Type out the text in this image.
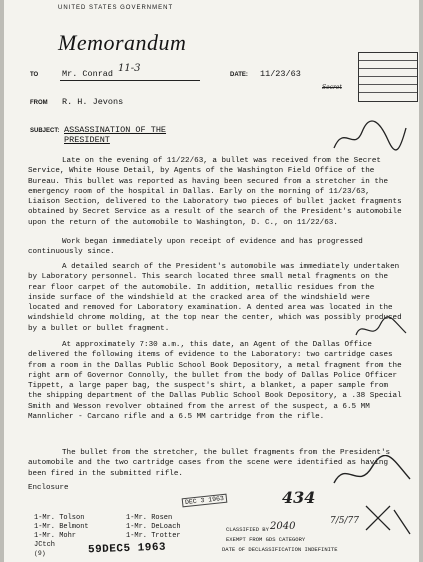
UNITED STATES GOVERNMENT
Memorandum
TO	Mr. Conrad 11-3
DATE: 11/23/63
Secret
FROM R. H. Jevons
SUBJECT: ASSASSINATION OF THE
PRESIDENT

Late on the evening of 11/22/63, a bullet was received from the Secret Service, White House Detail, by Agents of the Washington Field Office of the Bureau. This bullet was reported as having been secured from a stretcher in the emergency room of the hospital in Dallas. Early on the morning of 11/23/63, Liaison Section, delivered to the Laboratory two pieces of bullet jacket fragments obtained by Secret Service as a result of the search of the President's automobile upon the return of the automobile to Washington, D. C., on 11/22/63.

Work began immediately upon receipt of evidence and has progressed continuously since.

A detailed search of the President's automobile was immediately undertaken by Laboratory personnel. This search located three small metal fragments on the rear floor carpet of the automobile. In addition, metallic residues from the inside surface of the windshield at the cracked area of the windshield were located and removed for Laboratory examination. A dented area was located in the windshield chrome molding, at the top near the center, which was possibly produced by a bullet or bullet fragment.

At approximately 7:30 a.m., this date, an Agent of the Dallas Office delivered the following items of evidence to the Laboratory: two cartridge cases from a room in the Dallas Public School Book Depository, a metal fragment from the right arm of Governor Connolly, the bullet from the body of Dallas Police Officer Tippett, a large paper bag, the suspect's shirt, a blanket, a paper sample from the shipping department of the Dallas Public School Book Depository, a .38 Special Smith and Wesson revolver obtained from the arrest of the suspect, a 6.5 MM Mannlicher - Carcano rifle and a 6.5 MM cartridge from the rifle.

The bullet from the stretcher, the bullet fragments from the President's automobile and the two cartridge cases from the scene were identified as having been fired in the submitted rifle.

Enclosure
1-Mr. Tolson
1-Mr. Belmont
1-Mr. Mohr
JCtch
1-Mr. Rosen
1-Mr. DeLoach
1-Mr. Trotter
(9)	59DEC5 1963
DEC 3 1963	434
CLASSIFIED BY 2040
EXEMPT FROM GDS CATEGORY
DATE OF DECLASSIFICATION INDEFINITE
7/5/77
